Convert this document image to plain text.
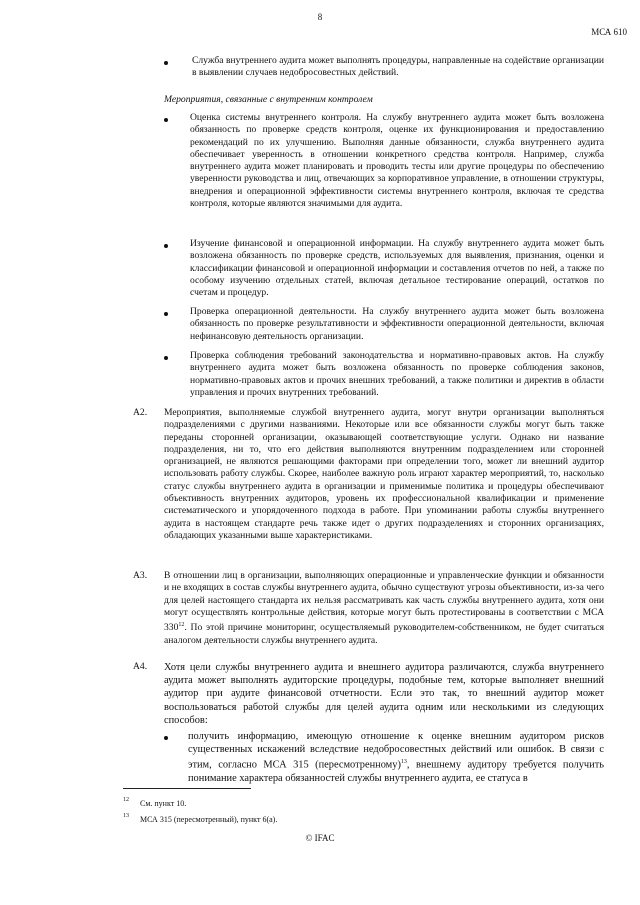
8
МСА 610
Служба внутреннего аудита может выполнять процедуры, направленные на содействие организации в выявлении случаев недобросовестных действий.
Мероприятия, связанные с внутренним контролем
Оценка системы внутреннего контроля. На службу внутреннего аудита может быть возложена обязанность по проверке средств контроля, оценке их функционирования и предоставлению рекомендаций по их улучшению. Выполняя данные обязанности, служба внутреннего аудита обеспечивает уверенность в отношении конкретного средства контроля. Например, служба внутреннего аудита может планировать и проводить тесты или другие процедуры по обеспечению уверенности руководства и лиц, отвечающих за корпоративное управление, в отношении структуры, внедрения и операционной эффективности системы внутреннего контроля, включая те средства контроля, которые являются значимыми для аудита.
Изучение финансовой и операционной информации. На службу внутреннего аудита может быть возложена обязанность по проверке средств, используемых для выявления, признания, оценки и классификации финансовой и операционной информации и составления отчетов по ней, а также по особому изучению отдельных статей, включая детальное тестирование операций, остатков по счетам и процедур.
Проверка операционной деятельности. На службу внутреннего аудита может быть возложена обязанность по проверке результативности и эффективности операционной деятельности, включая нефинансовую деятельность организации.
Проверка соблюдения требований законодательства и нормативно-правовых актов. На службу внутреннего аудита может быть возложена обязанность по проверке соблюдения законов, нормативно-правовых актов и прочих внешних требований, а также политики и директив в области управления и прочих внутренних требований.
A2. Мероприятия, выполняемые службой внутреннего аудита, могут внутри организации выполняться подразделениями с другими названиями. Некоторые или все обязанности службы могут быть также переданы сторонней организации, оказывающей соответствующие услуги. Однако ни название подразделения, ни то, что его действия выполняются внутренним подразделением или сторонней организацией, не являются решающими факторами при определении того, может ли внешний аудитор использовать работу службы. Скорее, наиболее важную роль играют характер мероприятий, то, насколько статус службы внутреннего аудита в организации и применимые политика и процедуры обеспечивают объективность внутренних аудиторов, уровень их профессиональной квалификации и применение систематического и упорядоченного подхода в работе. При упоминании работы службы внутреннего аудита в настоящем стандарте речь также идет о других подразделениях и сторонних организациях, обладающих указанными выше характеристиками.
A3. В отношении лиц в организации, выполняющих операционные и управленческие функции и обязанности и не входящих в состав службы внутреннего аудита, обычно существуют угрозы объективности, из-за чего для целей настоящего стандарта их нельзя рассматривать как часть службы внутреннего аудита, хотя они могут осуществлять контрольные действия, которые могут быть протестированы в соответствии с МСА 330$^{12}$. По этой причине мониторинг, осуществляемый руководителем-собственником, не будет считаться аналогом деятельности службы внутреннего аудита.
A4. Хотя цели службы внутреннего аудита и внешнего аудитора различаются, служба внутреннего аудита может выполнять аудиторские процедуры, подобные тем, которые выполняет внешний аудитор при аудите финансовой отчетности. Если это так, то внешний аудитор может воспользоваться работой службы для целей аудита одним или несколькими из следующих способов:
получить информацию, имеющую отношение к оценке внешним аудитором рисков существенных искажений вследствие недобросовестных действий или ошибок. В связи с этим, согласно МСА 315 (пересмотренному)$^{13}$, внешнему аудитору требуется получить понимание характера обязанностей службы внутреннего аудита, ее статуса в
12 См. пункт 10.
13 МСА 315 (пересмотренный), пункт 6(a).
© IFAC
